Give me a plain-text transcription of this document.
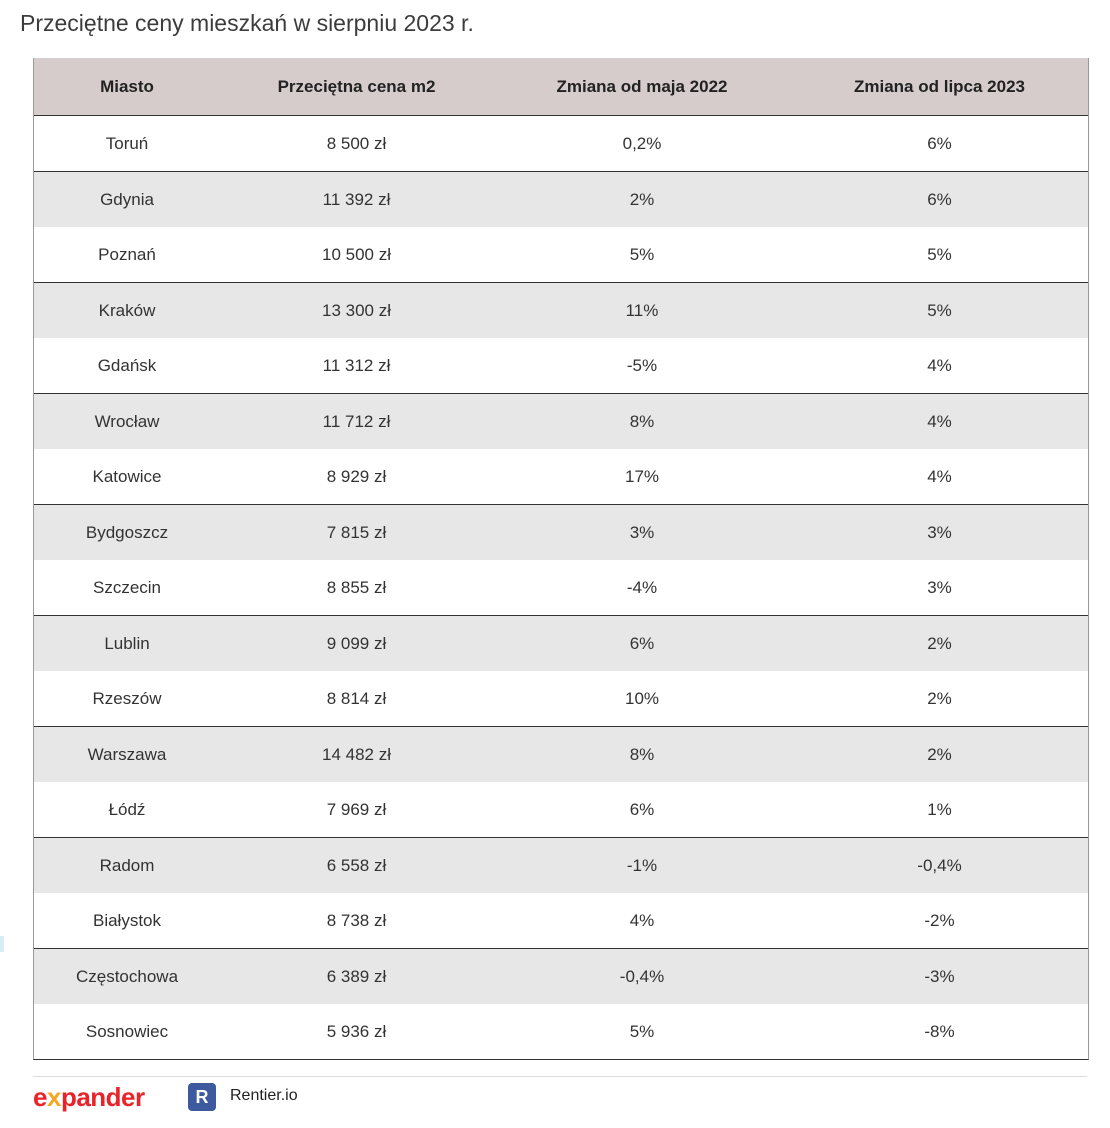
Przeciętne ceny mieszkań w sierpniu 2023 r.
Miasto	Przeciętna cena m2	Zmiana od maja 2022	Zmiana od lipca 2023
Toruń	8 500 zł	0,2%	6%
Gdynia	11 392 zł	2%	6%
Poznań	10 500 zł	5%	5%
Kraków	13 300 zł	11%	5%
Gdańsk	11 312 zł	-5%	4%
Wrocław	11 712 zł	8%	4%
Katowice	8 929 zł	17%	4%
Bydgoszcz	7 815 zł	3%	3%
Szczecin	8 855 zł	-4%	3%
Lublin	9 099 zł	6%	2%
Rzeszów	8 814 zł	10%	2%
Warszawa	14 482 zł	8%	2%
Łódź	7 969 zł	6%	1%
Radom	6 558 zł	-1%	-0,4%
Białystok	8 738 zł	4%	-2%
Częstochowa	6 389 zł	-0,4%	-3%
Sosnowiec	5 936 zł	5%	-8%
expander	R	Rentier.io
